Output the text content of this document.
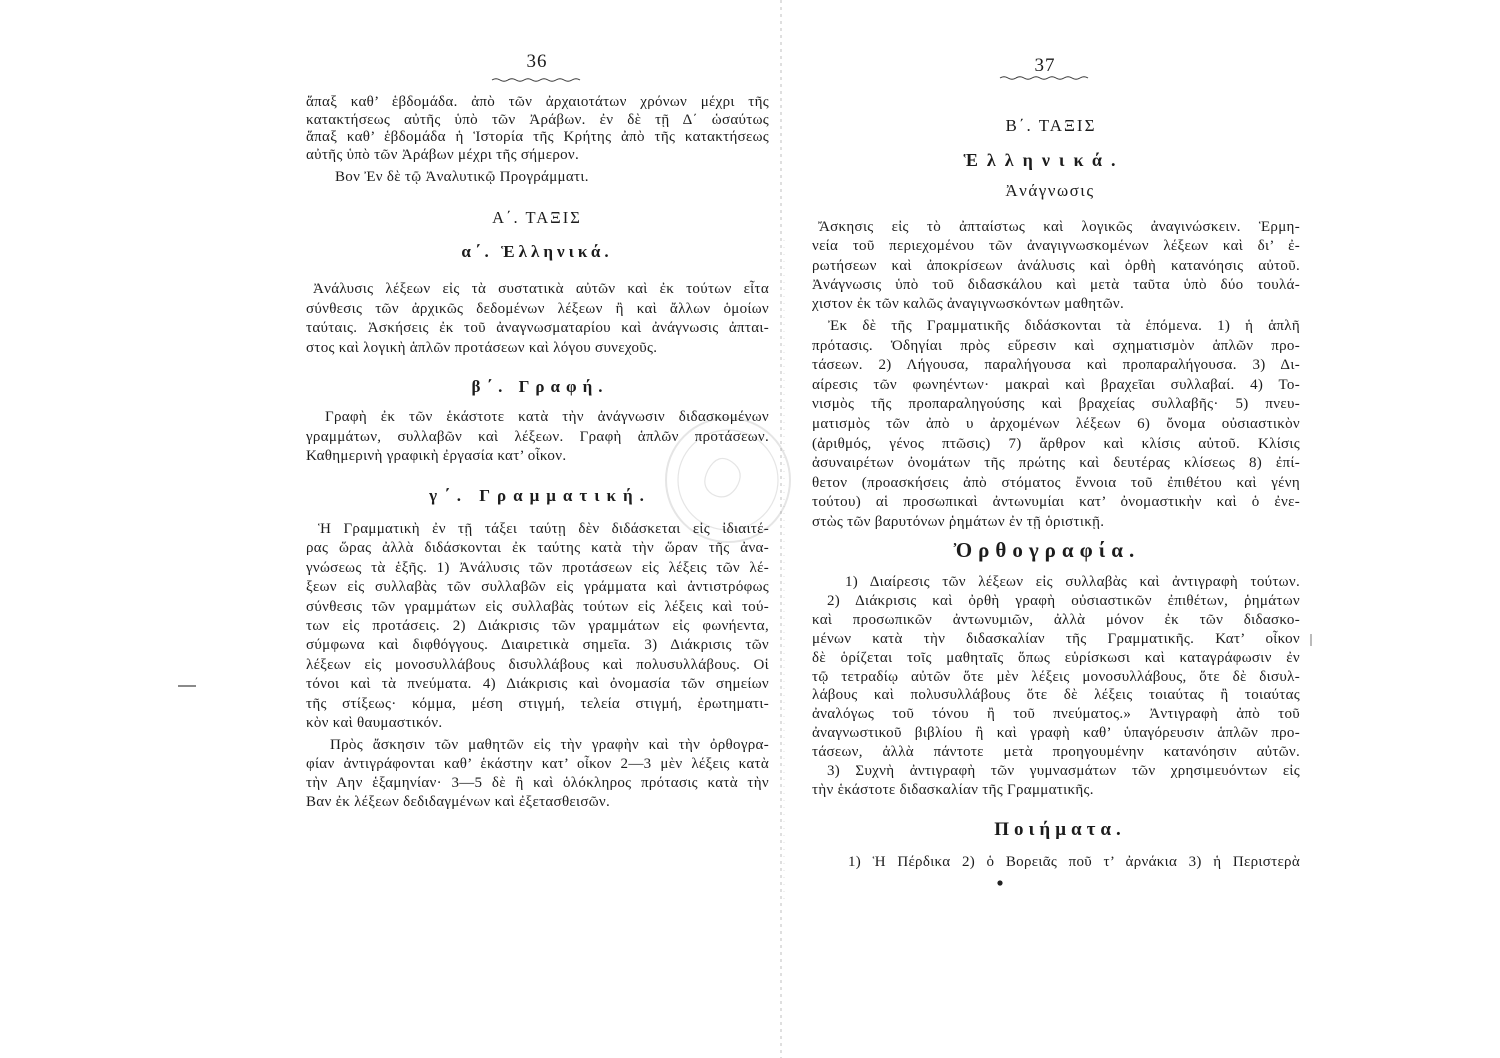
36
ἅπαξ καθ’ ἑβδομάδα. ἀπὸ τῶν ἀρχαιοτάτων χρόνων μέχρι τῆς
κατακτήσεως αὐτῆς ὑπὸ τῶν Ἀράβων. ἐν δὲ τῇ Δ΄ ὡσαύτως
ἅπαξ καθ’ ἑβδομάδα ἡ Ἱστορία τῆς Κρήτης ἀπὸ τῆς κατακτήσεως
αὐτῆς ὑπὸ τῶν Ἀράβων μέχρι τῆς σήμερον.
Βον Ἐν δὲ τῷ Ἀναλυτικῷ Προγράμματι.
Α΄. ΤΑΞΙΣ
α΄. Ἑλληνικά.
Ἀνάλυσις λέξεων εἰς τὰ συστατικὰ αὐτῶν καὶ ἐκ τούτων εἶτα
σύνθεσις τῶν ἀρχικῶς δεδομένων λέξεων ἢ καὶ ἄλλων ὁμοίων
ταύταις. Ἀσκήσεις ἐκ τοῦ ἀναγνωσματαρίου καὶ ἀνάγνωσις ἀπται-
στος καὶ λογικὴ ἁπλῶν προτάσεων καὶ λόγου συνεχοῦς.
β΄. Γραφή.
Γραφὴ ἐκ τῶν ἑκάστοτε κατὰ τὴν ἀνάγνωσιν διδασκομένων
γραμμάτων, συλλαβῶν καὶ λέξεων. Γραφὴ ἁπλῶν προτάσεων.
Καθημερινὴ γραφικὴ ἐργασία κατ’ οἶκον.
γ΄. Γραμματική.
Ἡ Γραμματικὴ ἐν τῇ τάξει ταύτῃ δὲν διδάσκεται εἰς ἰδιαιτέ-
ρας ὥρας ἀλλὰ διδάσκονται ἐκ ταύτης κατὰ τὴν ὥραν τῆς ἀνα-
γνώσεως τὰ ἑξῆς. 1) Ἀνάλυσις τῶν προτάσεων εἰς λέξεις τῶν λέ-
ξεων εἰς συλλαβὰς τῶν συλλαβῶν εἰς γράμματα καὶ ἀντιστρόφως
σύνθεσις τῶν γραμμάτων εἰς συλλαβὰς τούτων εἰς λέξεις καὶ τού-
των εἰς προτάσεις. 2) Διάκρισις τῶν γραμμάτων εἰς φωνήεντα,
σύμφωνα καὶ διφθόγγους. Διαιρετικὰ σημεῖα. 3) Διάκρισις τῶν
λέξεων εἰς μονοσυλλάβους δισυλλάβους καὶ πολυσυλλάβους. Οἱ
τόνοι καὶ τὰ πνεύματα. 4) Διάκρισις καὶ ὀνομασία τῶν σημείων
τῆς στίξεως· κόμμα, μέση στιγμή, τελεία στιγμή, ἐρωτηματι-
κὸν καὶ θαυμαστικόν.
Πρὸς ἄσκησιν τῶν μαθητῶν εἰς τὴν γραφὴν καὶ τὴν ὀρθογρα-
φίαν ἀντιγράφονται καθ’ ἑκάστην κατ’ οἶκον 2—3 μὲν λέξεις κατὰ
τὴν Αην ἑξαμηνίαν· 3—5 δὲ ἢ καὶ ὁλόκληρος πρότασις κατὰ τὴν
Βαν ἐκ λέξεων δεδιδαγμένων καὶ ἐξετασθεισῶν.
37
Β΄. ΤΑΞΙΣ
Ἑλληνικά.
Ἀνάγνωσις
Ἄσκησις εἰς τὸ ἀπταίστως καὶ λογικῶς ἀναγινώσκειν. Ἑρμη-
νεία τοῦ περιεχομένου τῶν ἀναγιγνωσκομένων λέξεων καὶ δι’ ἐ-
ρωτήσεων καὶ ἀποκρίσεων ἀνάλυσις καὶ ὀρθὴ κατανόησις αὐτοῦ.
Ἀνάγνωσις ὑπὸ τοῦ διδασκάλου καὶ μετὰ ταῦτα ὑπὸ δύο τουλά-
χιστον ἐκ τῶν καλῶς ἀναγιγνωσκόντων μαθητῶν.
Ἐκ δὲ τῆς Γραμματικῆς διδάσκονται τὰ ἑπόμενα. 1) ἡ ἁπλῆ
πρότασις. Ὁδηγίαι πρὸς εὕρεσιν καὶ σχηματισμὸν ἁπλῶν προ-
τάσεων. 2) Λήγουσα, παραλήγουσα καὶ προπαραλήγουσα. 3) Δι-
αίρεσις τῶν φωνηέντων· μακραὶ καὶ βραχεῖαι συλλαβαί. 4) Το-
νισμὸς τῆς προπαραληγούσης καὶ βραχείας συλλαβῆς· 5) πνευ-
ματισμὸς τῶν ἀπὸ υ ἀρχομένων λέξεων 6) ὄνομα οὐσιαστικὸν
(ἀριθμός, γένος πτῶσις) 7) ἄρθρον καὶ κλίσις αὐτοῦ. Κλίσις
ἀσυναιρέτων ὀνομάτων τῆς πρώτης καὶ δευτέρας κλίσεως 8) ἐπί-
θετον (προασκήσεις ἀπὸ στόματος ἔννοια τοῦ ἐπιθέτου καὶ γένη
τούτου) αἱ προσωπικαὶ ἀντωνυμίαι κατ’ ὀνομαστικὴν καὶ ὁ ἐνε-
στὼς τῶν βαρυτόνων ῥημάτων ἐν τῇ ὁριστικῇ.
Ὀρθογραφία.
1) Διαίρεσις τῶν λέξεων εἰς συλλαβὰς καὶ ἀντιγραφὴ τούτων.
2) Διάκρισις καὶ ὀρθὴ γραφὴ οὐσιαστικῶν ἐπιθέτων, ῥημάτων
καὶ προσωπικῶν ἀντωνυμιῶν, ἀλλὰ μόνον ἐκ τῶν διδασκο-
μένων κατὰ τὴν διδασκαλίαν τῆς Γραμματικῆς. Κατ’ οἶκον
δὲ ὁρίζεται τοῖς μαθηταῖς ὅπως εὑρίσκωσι καὶ καταγράφωσιν ἐν
τῷ τετραδίῳ αὐτῶν ὅτε μὲν λέξεις μονοσυλλάβους, ὅτε δὲ δισυλ-
λάβους καὶ πολυσυλλάβους ὅτε δὲ λέξεις τοιαύτας ἢ τοιαύτας
ἀναλόγως τοῦ τόνου ἢ τοῦ πνεύματος.» Ἀντιγραφὴ ἀπὸ τοῦ
ἀναγνωστικοῦ βιβλίου ἢ καὶ γραφὴ καθ’ ὑπαγόρευσιν ἁπλῶν προ-
τάσεων, ἀλλὰ πάντοτε μετὰ προηγουμένην κατανόησιν αὐτῶν.
3) Συχνὴ ἀντιγραφὴ τῶν γυμνασμάτων τῶν χρησιμευόντων εἰς
τὴν ἑκάστοτε διδασκαλίαν τῆς Γραμματικῆς.
Ποιήματα.
1) Ἡ Πέρδικα 2) ὁ Βορειᾶς ποῦ τ’ ἀρνάκια 3) ἡ Περιστερὰ
